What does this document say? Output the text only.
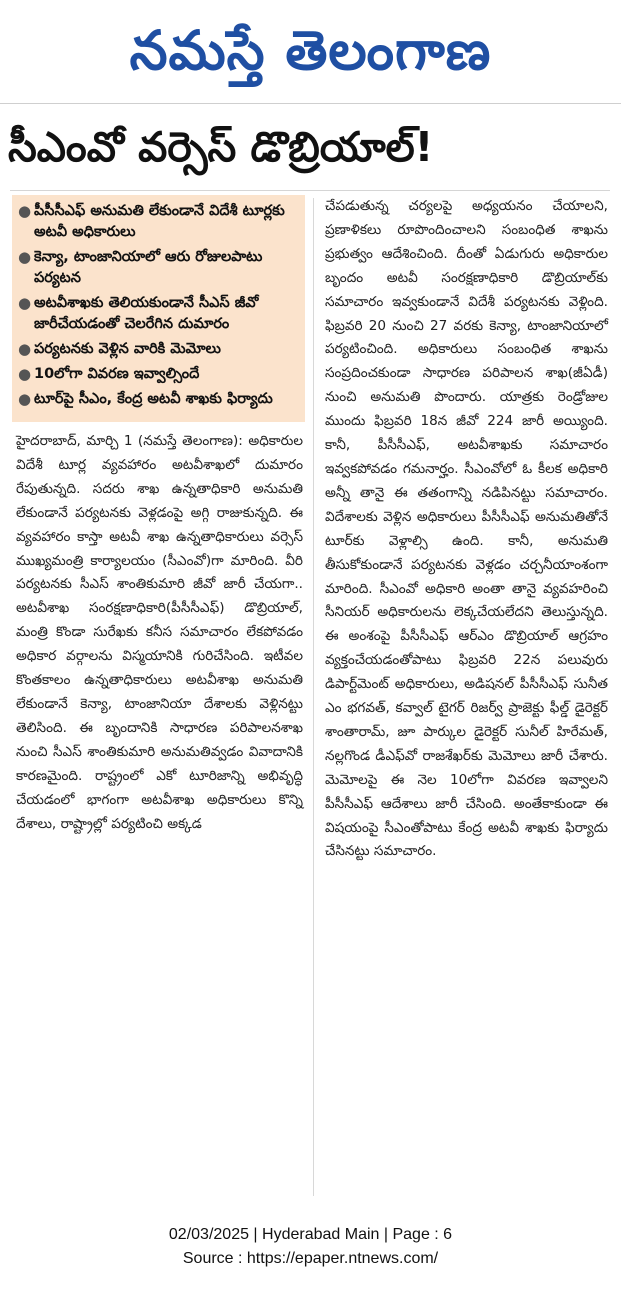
నమస్తే తెలంగాణ
సీఎంవో వర్సెస్‌ డొబ్రియాల్‌!
● పీసీసీఎఫ్‌ అనుమతి లేకుండానే విదేశీ టూర్లకు అటవీ అధికారులు
● కెన్యా, టాంజానియాలో ఆరు రోజులపాటు పర్యటన
● అటవీశాఖకు తెలియకుండానే సీఎస్‌ జీవో జారీచేయడంతో చెలరేగిన దుమారం
● పర్యటనకు వెళ్లిన వారికి మెమోలు
● 10లోగా వివరణ ఇవ్వాల్సిందే
● టూర్‌పై సీఎం, కేంద్ర అటవీ శాఖకు ఫిర్యాదు

హైదరాబాద్‌, మార్చి 1 (నమస్తే తెలంగాణ): అధికారుల విదేశీ టూర్ల వ్యవహారం అటవీశాఖలో దుమారం రేపుతున్నది. సదరు శాఖ ఉన్నతాధికారి అనుమతి లేకుండానే పర్యటనకు వెళ్లడంపై అగ్గి రాజుకున్నది. ఈ వ్యవహారం కాస్తా అటవీ శాఖ ఉన్నతాధికారులు వర్సెస్‌ ముఖ్యమంత్రి కార్యాలయం (సీఎంవో)గా మారింది. వీరి పర్యటనకు సీఎస్‌ శాంతికుమారి జీవో జారీ చేయగా.. అటవీశాఖ సంరక్షణాధికారి(పీసీసీఎఫ్‌) డొబ్రియాల్‌, మంత్రి కొండా సురేఖకు కనీస సమాచారం లేకపోవడం అధికార వర్గాలను విస్మయానికి గురిచేసింది. ఇటీవల కొంతకాలం ఉన్నతాధికారులు అటవీశాఖ అనుమతి లేకుండానే కెన్యా, టాంజానియా దేశాలకు వెళ్లినట్టు తెలిసింది. ఈ బృందానికి సాధారణ పరిపాలనశాఖ నుంచి సీఎస్‌ శాంతికుమారి అనుమతివ్వడం వివాదానికి కారణమైంది. రాష్ట్రంలో ఎకో టూరిజాన్ని అభివృద్ధి చేయడంలో భాగంగా అటవీశాఖ అధికారులు కొన్ని దేశాలు, రాష్ట్రాల్లో పర్యటించి అక్కడ

చేపడుతున్న చర్యలపై అధ్యయనం చేయాలని, ప్రణాళికలు రూపొందించాలని సంబంధిత శాఖను ప్రభుత్వం ఆదేశించింది. దీంతో ఏడుగురు అధికారుల బృందం అటవీ సంరక్షణాధికారి డొబ్రియాల్‌కు సమాచారం ఇవ్వకుండానే విదేశీ పర్యటనకు వెళ్లింది. ఫిబ్రవరి 20 నుంచి 27 వరకు కెన్యా, టాంజానియాలో పర్యటించింది. అధికారులు సంబంధిత శాఖను సంప్రదించకుండా సాధారణ పరిపాలన శాఖ(జీఏడీ) నుంచి అనుమతి పొందారు. యాత్రకు రెండ్రోజుల ముందు ఫిబ్రవరి 18న జీవో 224 జారీ అయ్యింది. కానీ, పీసీసీఎఫ్‌, అటవీశాఖకు సమాచారం ఇవ్వకపోవడం గమనార్హం. సీఎంవోలో ఓ కీలక అధికారి అన్నీ తానై ఈ తతంగాన్ని నడిపినట్టు సమాచారం. విదేశాలకు వెళ్లిన అధికారులు పీసీసీఎఫ్‌ అనుమతితోనే టూర్‌కు వెళ్లాల్సి ఉంది. కానీ, అనుమతి తీసుకోకుండానే పర్యటనకు వెళ్లడం చర్చనీయాంశంగా మారింది. సీఎంవో అధికారి అంతా తానై వ్యవహరించి సీనియర్‌ అధికారులను లెక్కచేయలేదని తెలుస్తున్నది. ఈ అంశంపై పీసీసీఎఫ్‌ ఆర్‌ఎం డొబ్రియాల్‌ ఆగ్రహం వ్యక్తంచేయడంతోపాటు ఫిబ్రవరి 22న పలువురు డిపార్ట్‌మెంట్‌ అధికారులు, అడిషనల్‌ పీసీసీఎఫ్‌ సునీత ఎం భగవత్‌, కవ్వాల్‌ టైగర్‌ రిజర్వ్‌ ప్రాజెక్టు ఫీల్డ్‌ డైరెక్టర్‌ శాంతారామ్‌, జూ పార్కుల డైరెక్టర్‌ సునీల్‌ హిరేమత్‌, నల్లగొండ డీఎఫ్‌వో రాజశేఖర్‌కు మెమోలు జారీ చేశారు. మెమోలపై ఈ నెల 10లోగా వివరణ ఇవ్వాలని పీసీసీఎఫ్‌ ఆదేశాలు జారీ చేసింది. అంతేకాకుండా ఈ విషయంపై సీఎంతోపాటు కేంద్ర అటవీ శాఖకు ఫిర్యాదు చేసినట్టు సమాచారం.

02/03/2025 | Hyderabad Main | Page : 6
Source : https://epaper.ntnews.com/
